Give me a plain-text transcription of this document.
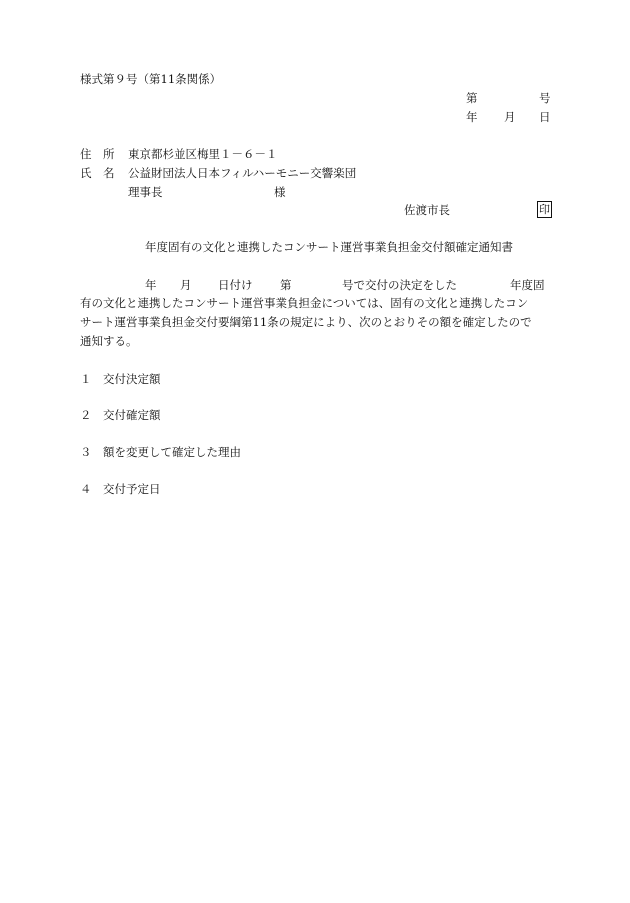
様式第９号（第11条関係）
第	号
年 月 日
住　所 東京都杉並区梅里１－６－１
氏　名 公益財団法人日本フィルハーモニー交響楽団
理事長	様
佐渡市長	印
年度固有の文化と連携したコンサート運営事業負担金交付額確定通知書
年 月 日付け 第	号で交付の決定をした	年度固
有の文化と連携したコンサート運営事業負担金については、固有の文化と連携したコン
サート運営事業負担金交付要綱第11条の規定により、次のとおりその額を確定したので
通知する。
１ 交付決定額
２ 交付確定額
３ 額を変更して確定した理由
４ 交付予定日
